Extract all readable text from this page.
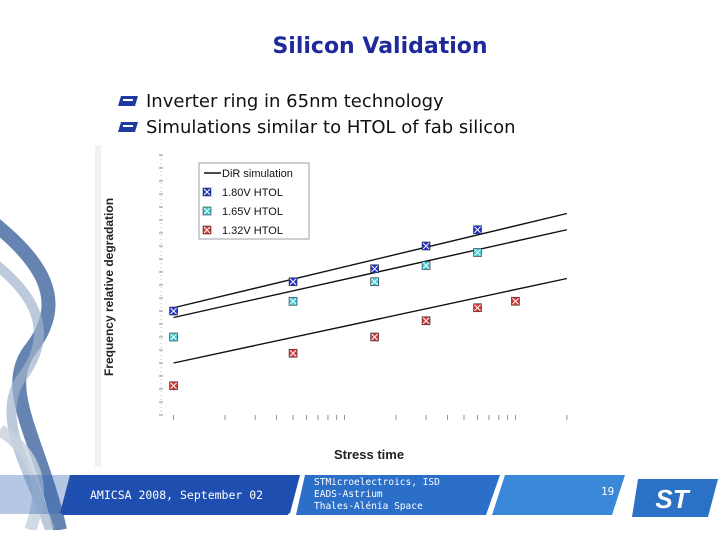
Silicon Validation
Inverter ring in 65nm technology
Simulations similar to HTOL of fab silicon
DiR simulation
1.80V HTOL
1.65V HTOL
1.32V HTOL
Stress time
Frequency relative degradation
AMICSA 2008, September 02
STMicroelectroics, ISD
EADS-Astrium
Thales-Alénia Space
19 ST
